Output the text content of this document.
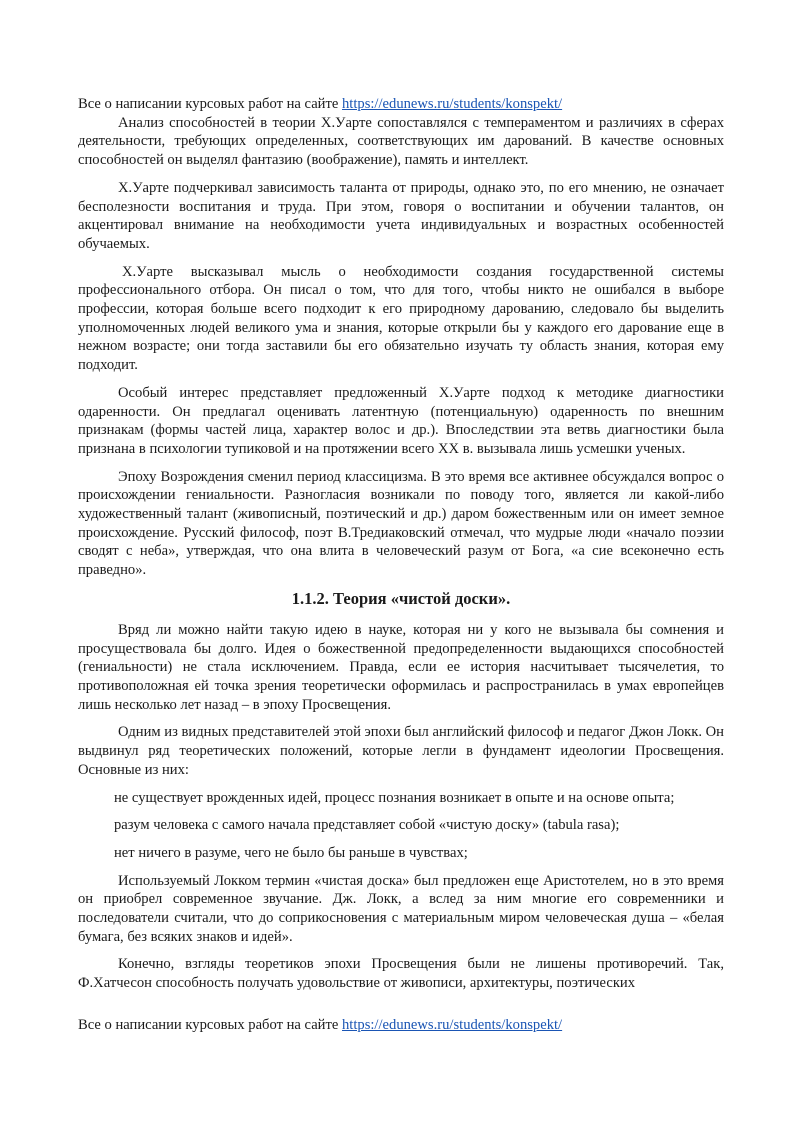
Все о написании курсовых работ на сайте https://edunews.ru/students/konspekt/

Анализ способностей в теории Х.Уарте сопоставлялся с темпераментом и различиях в сферах деятельности, требующих определенных, соответствующих им дарований. В качестве основных способностей он выделял фантазию (воображение), память и интеллект.

Х.Уарте подчеркивал зависимость таланта от природы, однако это, по его мнению, не означает бесполезности воспитания и труда. При этом, говоря о воспитании и обучении талантов, он акцентировал внимание на необходимости учета индивидуальных и возрастных особенностей обучаемых.

Х.Уарте высказывал мысль о необходимости создания государственной системы профессионального отбора. Он писал о том, что для того, чтобы никто не ошибался в выборе профессии, которая больше всего подходит к его природному дарованию, следовало бы выделить уполномоченных людей великого ума и знания, которые открыли бы у каждого его дарование еще в нежном возрасте; они тогда заставили бы его обязательно изучать ту область знания, которая ему подходит.

Особый интерес представляет предложенный Х.Уарте подход к методике диагностики одаренности. Он предлагал оценивать латентную (потенциальную) одаренность по внешним признакам (формы частей лица, характер волос и др.). Впоследствии эта ветвь диагностики была признана в психологии тупиковой и на протяжении всего XX в. вызывала лишь усмешки ученых.

Эпоху Возрождения сменил период классицизма. В это время все активнее обсуждался вопрос о происхождении гениальности. Разногласия возникали по поводу того, является ли какой-либо художественный талант (живописный, поэтический и др.) даром божественным или он имеет земное происхождение. Русский философ, поэт В.Тредиаковский отмечал, что мудрые люди «начало поэзии сводят с неба», утверждая, что она влита в человеческий разум от Бога, «а сие всеконечно есть праведно».

1.1.2. Теория «чистой доски».

Вряд ли можно найти такую идею в науке, которая ни у кого не вызывала бы сомнения и просуществовала бы долго. Идея о божественной предопределенности выдающихся способностей (гениальности) не стала исключением. Правда, если ее история насчитывает тысячелетия, то противоположная ей точка зрения теоретически оформилась и распространилась в умах европейцев лишь несколько лет назад – в эпоху Просвещения.

Одним из видных представителей этой эпохи был английский философ и педагог Джон Локк. Он выдвинул ряд теоретических положений, которые легли в фундамент идеологии Просвещения. Основные из них:

не существует врожденных идей, процесс познания возникает в опыте и на основе опыта;

разум человека с самого начала представляет собой «чистую доску» (tabula rasa);

нет ничего в разуме, чего не было бы раньше в чувствах;

Используемый Локком термин «чистая доска» был предложен еще Аристотелем, но в это время он приобрел современное звучание. Дж. Локк, а вслед за ним многие его современники и последователи считали, что до соприкосновения с материальным миром человеческая душа – «белая бумага, без всяких знаков и идей».

Конечно, взгляды теоретиков эпохи Просвещения были не лишены противоречий. Так, Ф.Хатчесон способность получать удовольствие от живописи, архитектуры, поэтических

Все о написании курсовых работ на сайте https://edunews.ru/students/konspekt/
